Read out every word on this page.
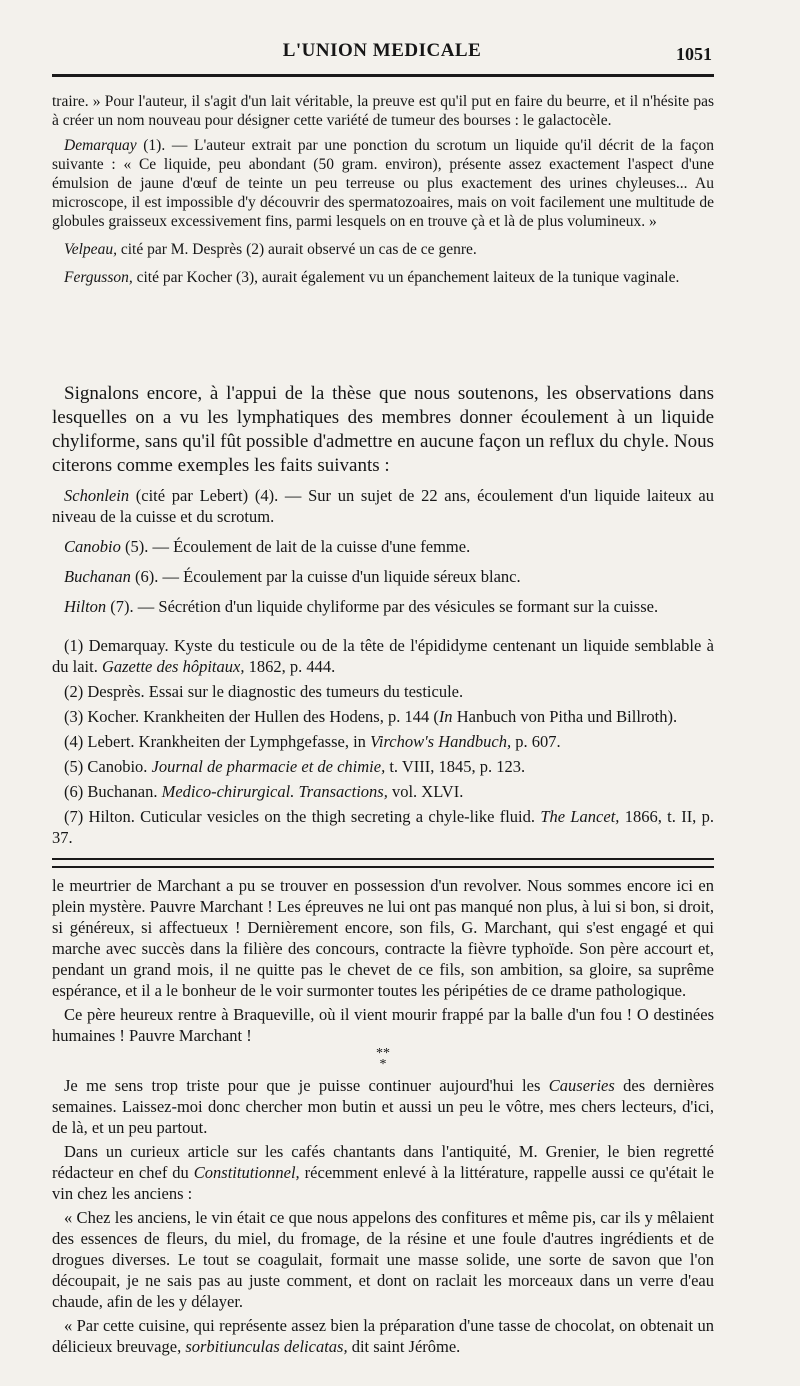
L'UNION MEDICALE	1051

traire. » Pour l'auteur, il s'agit d'un lait véritable, la preuve est qu'il put en faire du beurre, et il n'hésite pas à créer un nom nouveau pour désigner cette variété de tumeur des bourses : le galactocèle.

Demarquay (1). — L'auteur extrait par une ponction du scrotum un liquide qu'il décrit de la façon suivante : « Ce liquide, peu abondant (50 gram. environ), présente assez exactement l'aspect d'une émulsion de jaune d'œuf de teinte un peu terreuse ou plus exactement des urines chyleuses... Au microscope, il est impossible d'y découvrir des spermatozoaires, mais on voit facilement une multitude de globules graisseux excessivement fins, parmi lesquels on en trouve çà et là de plus volumineux. »

Velpeau, cité par M. Desprès (2) aurait observé un cas de ce genre.

Fergusson, cité par Kocher (3), aurait également vu un épanchement laiteux de la tunique vaginale.

Signalons encore, à l'appui de la thèse que nous soutenons, les observations dans lesquelles on a vu les lymphatiques des membres donner écoulement à un liquide chyliforme, sans qu'il fût possible d'admettre en aucune façon un reflux du chyle. Nous citerons comme exemples les faits suivants :

Schonlein (cité par Lebert) (4). — Sur un sujet de 22 ans, écoulement d'un liquide laiteux au niveau de la cuisse et du scrotum.

Canobio (5). — Écoulement de lait de la cuisse d'une femme.

Buchanan (6). — Écoulement par la cuisse d'un liquide séreux blanc.

Hilton (7). — Sécrétion d'un liquide chyliforme par des vésicules se formant sur la cuisse.

(1) Demarquay. Kyste du testicule ou de la tête de l'épididyme centenant un liquide semblable à du lait. Gazette des hôpitaux, 1862, p. 444.

(2) Desprès. Essai sur le diagnostic des tumeurs du testicule.

(3) Kocher. Krankheiten der Hullen des Hodens, p. 144 (In Hanbuch von Pitha und Billroth).

(4) Lebert. Krankheiten der Lymphgefasse, in Virchow's Handbuch, p. 607.

(5) Canobio. Journal de pharmacie et de chimie, t. VIII, 1845, p. 123.

(6) Buchanan. Medico-chirurgical. Transactions, vol. XLVI.

(7) Hilton. Cuticular vesicles on the thigh secreting a chyle-like fluid. The Lancet, 1866, t. II, p. 37.

le meurtrier de Marchant a pu se trouver en possession d'un revolver. Nous sommes encore ici en plein mystère. Pauvre Marchant ! Les épreuves ne lui ont pas manqué non plus, à lui si bon, si droit, si généreux, si affectueux ! Dernièrement encore, son fils, G. Marchant, qui s'est engagé et qui marche avec succès dans la filière des concours, contracte la fièvre typhoïde. Son père accourt et, pendant un grand mois, il ne quitte pas le chevet de ce fils, son ambition, sa gloire, sa suprême espérance, et il a le bonheur de le voir surmonter toutes les péripéties de ce drame pathologique.

Ce père heureux rentre à Braqueville, où il vient mourir frappé par la balle d'un fou ! O destinées humaines ! Pauvre Marchant !

**
*

Je me sens trop triste pour que je puisse continuer aujourd'hui les Causeries des dernières semaines. Laissez-moi donc chercher mon butin et aussi un peu le vôtre, mes chers lecteurs, d'ici, de là, et un peu partout.

Dans un curieux article sur les cafés chantants dans l'antiquité, M. Grenier, le bien regretté rédacteur en chef du Constitutionnel, récemment enlevé à la littérature, rappelle aussi ce qu'était le vin chez les anciens :

« Chez les anciens, le vin était ce que nous appelons des confitures et même pis, car ils y mêlaient des essences de fleurs, du miel, du fromage, de la résine et une foule d'autres ingrédients et de drogues diverses. Le tout se coagulait, formait une masse solide, une sorte de savon que l'on découpait, je ne sais pas au juste comment, et dont on raclait les morceaux dans un verre d'eau chaude, afin de les y délayer.

« Par cette cuisine, qui représente assez bien la préparation d'une tasse de chocolat, on obtenait un délicieux breuvage, sorbitiunculas delicatas, dit saint Jérôme.
